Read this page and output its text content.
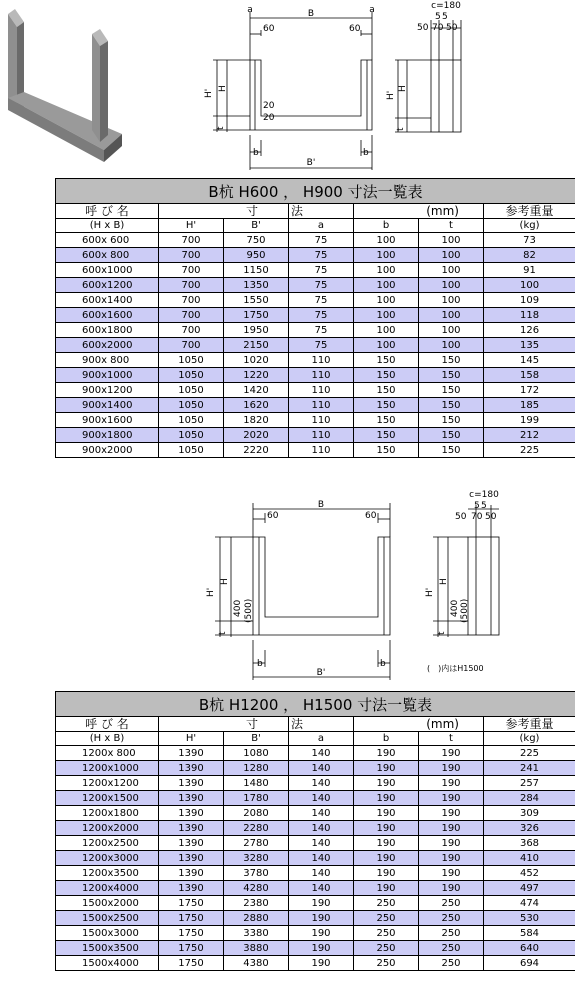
a	B	a
60	60
H'
H
t
20
20
b	b
B'
c=180
5 5
50 70 50
H'
H
t
B杭 H600 ， H900 寸法一覧表						
呼 び 名	寸		法	(mm)		参考重量
(H x B)	H'	B'	a	b	t	(kg)
600x 600	700	750	75	100	100	73
600x 800	700	950	75	100	100	82
600x1000	700	1150	75	100	100	91
600x1200	700	1350	75	100	100	100
600x1400	700	1550	75	100	100	109
600x1600	700	1750	75	100	100	118
600x1800	700	1950	75	100	100	126
600x2000	700	2150	75	100	100	135
900x 800	1050	1020	110	150	150	145
900x1000	1050	1220	110	150	150	158
900x1200	1050	1420	110	150	150	172
900x1400	1050	1620	110	150	150	185
900x1600	1050	1820	110	150	150	199
900x1800	1050	2020	110	150	150	212
900x2000	1050	2220	110	150	150	225
B
60	60
H'
H
400 (500)
t
b	b
B'	(　)内はH1500
c=180
5 5
50 70 50
H'
H
400 (500)
t
B杭 H1200 ， H1500 寸法一覧表						
呼 び 名	寸		法	(mm)		参考重量
(H x B)	H'	B'	a	b	t	(kg)
1200x 800	1390	1080	140	190	190	225
1200x1000	1390	1280	140	190	190	241
1200x1200	1390	1480	140	190	190	257
1200x1500	1390	1780	140	190	190	284
1200x1800	1390	2080	140	190	190	309
1200x2000	1390	2280	140	190	190	326
1200x2500	1390	2780	140	190	190	368
1200x3000	1390	3280	140	190	190	410
1200x3500	1390	3780	140	190	190	452
1200x4000	1390	4280	140	190	190	497
1500x2000	1750	2380	190	250	250	474
1500x2500	1750	2880	190	250	250	530
1500x3000	1750	3380	190	250	250	584
1500x3500	1750	3880	190	250	250	640
1500x4000	1750	4380	190	250	250	694
